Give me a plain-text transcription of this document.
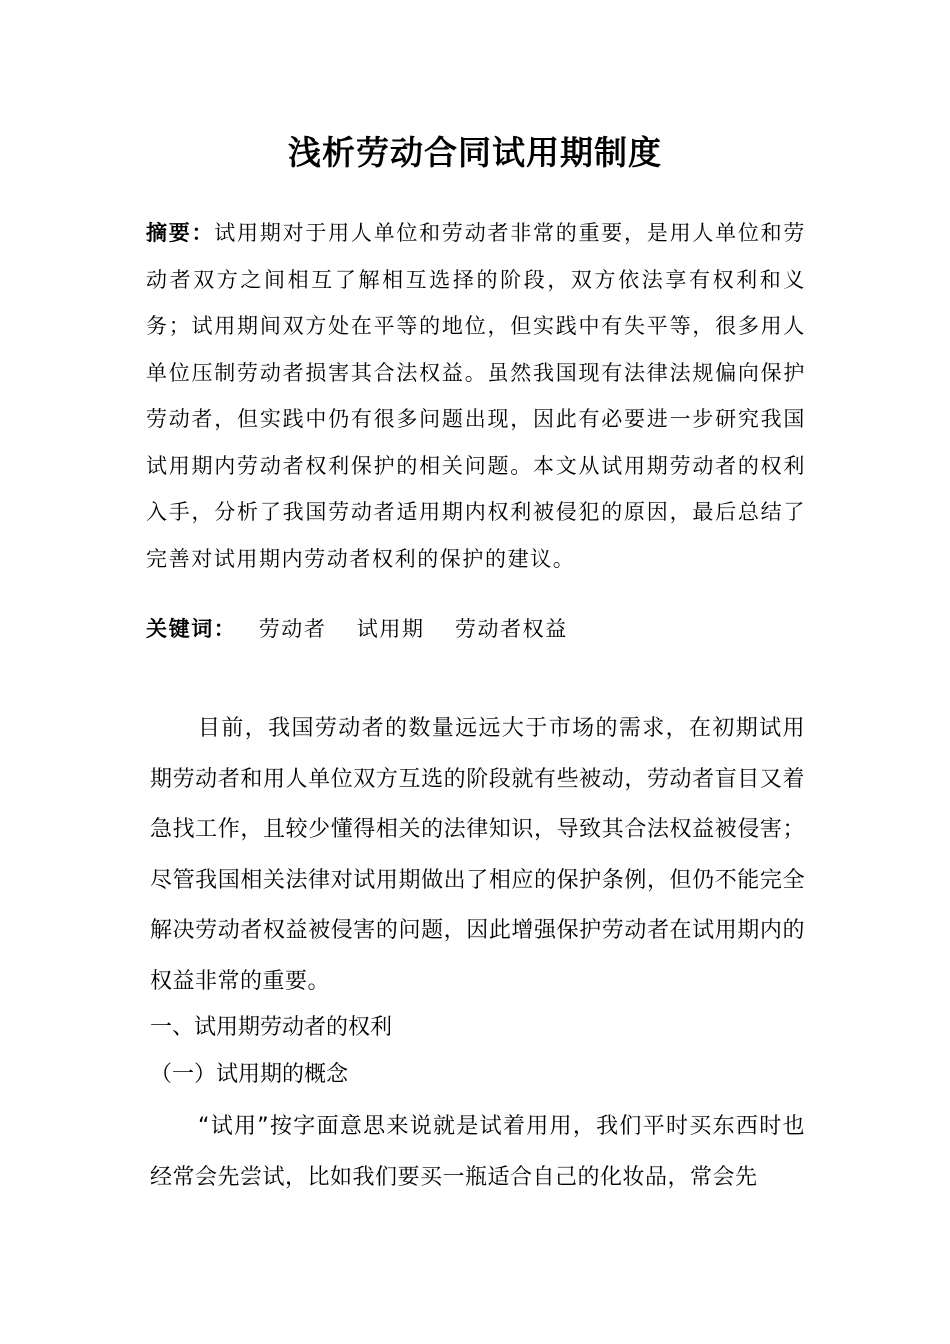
浅析劳动合同试用期制度

摘要：试用期对于用人单位和劳动者非常的重要，是用人单位和劳动者双方之间相互了解相互选择的阶段，双方依法享有权利和义务；试用期间双方处在平等的地位，但实践中有失平等，很多用人单位压制劳动者损害其合法权益。虽然我国现有法律法规偏向保护劳动者，但实践中仍有很多问题出现，因此有必要进一步研究我国试用期内劳动者权利保护的相关问题。本文从试用期劳动者的权利入手，分析了我国劳动者适用期内权利被侵犯的原因，最后总结了完善对试用期内劳动者权利的保护的建议。

关键词： 劳动者 试用期 劳动者权益

目前，我国劳动者的数量远远大于市场的需求，在初期试用期劳动者和用人单位双方互选的阶段就有些被动，劳动者盲目又着急找工作，且较少懂得相关的法律知识，导致其合法权益被侵害；尽管我国相关法律对试用期做出了相应的保护条例，但仍不能完全解决劳动者权益被侵害的问题，因此增强保护劳动者在试用期内的权益非常的重要。

一、试用期劳动者的权利
（一）试用期的概念

“试用”按字面意思来说就是试着用用，我们平时买东西时也经常会先尝试，比如我们要买一瓶适合自己的化妆品，常会先
